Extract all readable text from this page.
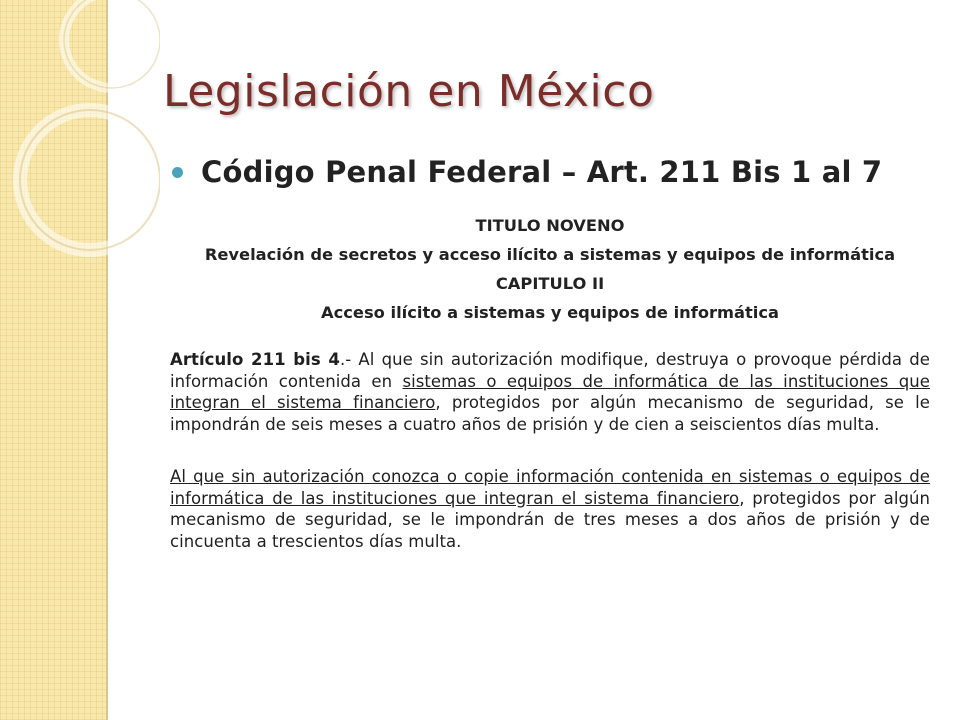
Legislación en México
Código Penal Federal – Art. 211 Bis 1 al 7
TITULO NOVENO
Revelación de secretos y acceso ilícito a sistemas y equipos de informática
CAPITULO II
Acceso ilícito a sistemas y equipos de informática
Artículo 211 bis 4.- Al que sin autorización modifique, destruya o provoque pérdida de información contenida en sistemas o equipos de informática de las instituciones que integran el sistema financiero, protegidos por algún mecanismo de seguridad, se le impondrán de seis meses a cuatro años de prisión y de cien a seiscientos días multa.
Al que sin autorización conozca o copie información contenida en sistemas o equipos de informática de las instituciones que integran el sistema financiero, protegidos por algún mecanismo de seguridad, se le impondrán de tres meses a dos años de prisión y de cincuenta a trescientos días multa.
